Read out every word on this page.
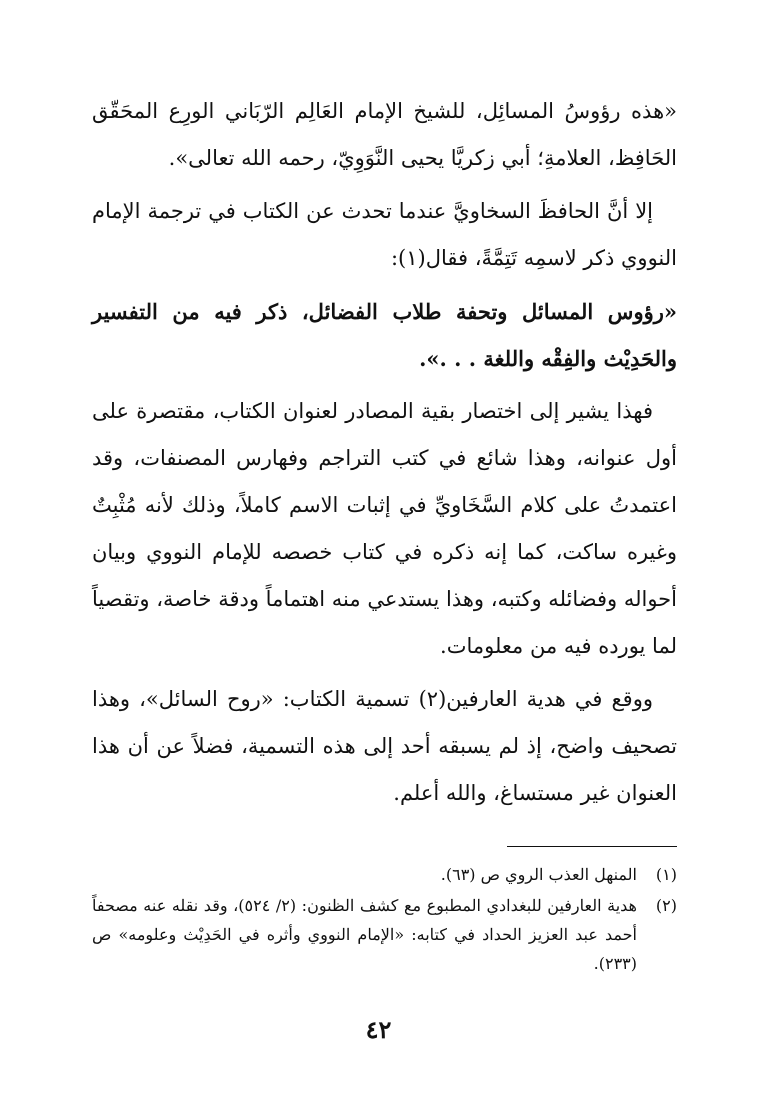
«هذه رؤوسُ المسائِل، للشيخ الإمام العَالِم الرّبَاني الورِع المحَقّق الحَافِظ، العلامةِ؛ أبي زكريَّا يحيى النَّوَوِيّ، رحمه الله تعالى».

إلا أنَّ الحافظَ السخاويَّ عندما تحدث عن الكتاب في ترجمة الإمام النووي ذكر لاسمِه تَتِمَّةً، فقال(١):

«رؤوس المسائل وتحفة طلاب الفضائل، ذكر فيه من التفسير والحَدِيْث والفِقْه واللغة . . .».

فهذا يشير إلى اختصار بقية المصادر لعنوان الكتاب، مقتصرة على أول عنوانه، وهذا شائع في كتب التراجم وفهارس المصنفات، وقد اعتمدتُ على كلام السَّخَاويِّ في إثبات الاسم كاملاً، وذلك لأنه مُثْبِتٌ وغيره ساكت، كما إنه ذكره في كتاب خصصه للإمام النووي وبيان أحواله وفضائله وكتبه، وهذا يستدعي منه اهتماماً ودقة خاصة، وتقصياً لما يورده فيه من معلومات.

ووقع في هدية العارفين(٢) تسمية الكتاب: «روح السائل»، وهذا تصحيف واضح، إذ لم يسبقه أحد إلى هذه التسمية، فضلاً عن أن هذا العنوان غير مستساغ، والله أعلم.

(١)
المنهل العذب الروي ص (٦٣).
(٢)
هدية العارفين للبغدادي المطبوع مع كشف الظنون: (٢/ ٥٢٤)، وقد نقله عنه مصحفاً أحمد عبد العزيز الحداد في كتابه: «الإمام النووي وأثره في الحَدِيْث وعلومه» ص (٢٣٣).
٤٢
